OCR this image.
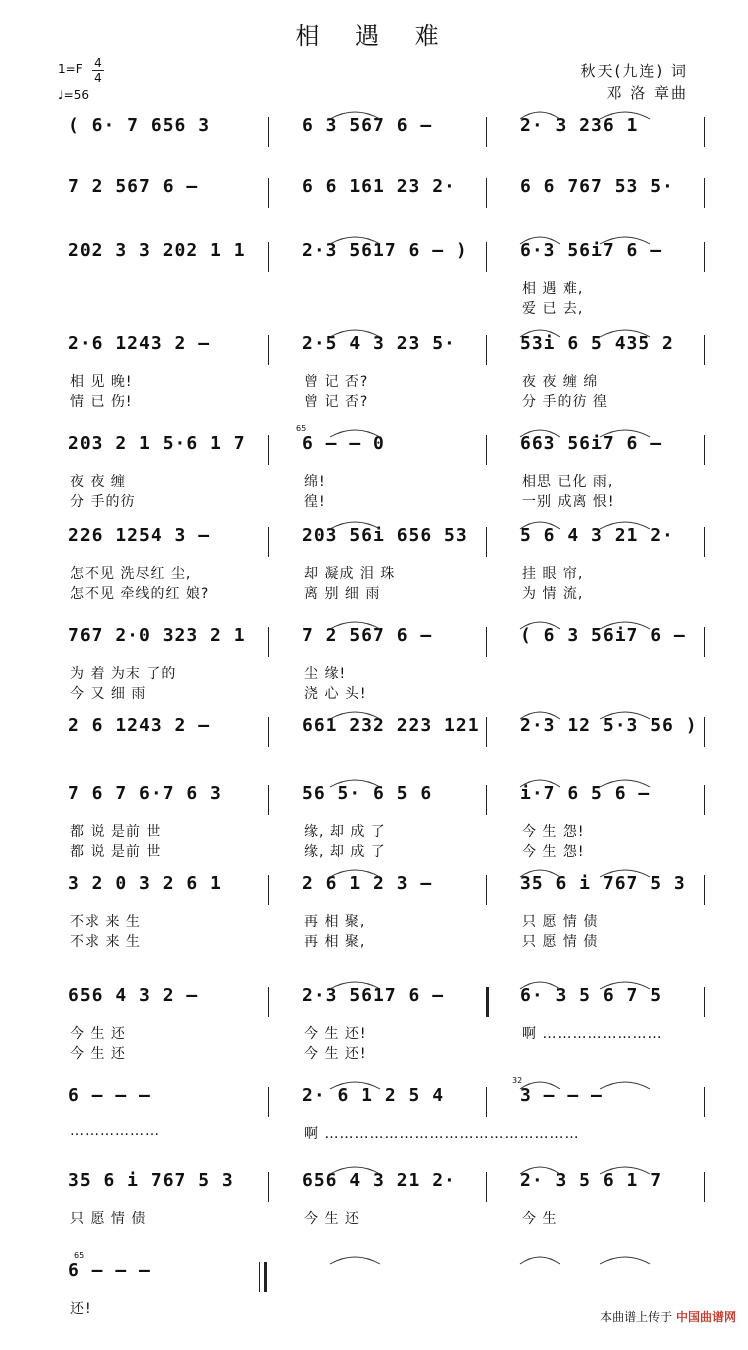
相 遇 难
1=F 4
4
♩=56
秋天(九连) 词
邓 洛 章曲
( 6· 7 656 3	6 3 567 6 –	2· 3 236 1
7 2 567 6 –	6 6 161 23 2·	6 6 767 53 5·
202 3 3 202 1 1	2·3 5617 6 – )	6·3 56i7 6 –
相 遇 难,
爱 已 去,
2·6 1243 2 –
相 见 晚!
情 已 伤!
2·5 4 3 23 5·
曾 记 否?
曾 记 否?
53i 6 5 435 2
夜 夜 缠 绵
分 手的彷 徨
203 2 1 5·6 1 7
夜 夜 缠
分 手的彷
6 – – 0
绵!
徨!
663 56i7 6 –
相思 已化 雨,
一别 成离 恨!
226 1254 3 –
怎不见 洗尽红 尘,
怎不见 牵线的红 娘?
203 56i 656 53
却 凝成 泪 珠
离 别 细 雨
5 6 4 3 21 2·
挂 眼 帘,
为 情 流,
767 2·0 323 2 1
为 着 为末 了的
今 又 细 雨
7 2 567 6 –
尘 缘!
浇 心 头!
( 6 3 56i7 6 –
2 6 1243 2 –	661 232 223 121	2·3 12 5·3 56 )
7 6 7 6·7 6 3
都 说 是前 世
都 说 是前 世
56 5· 6 5 6
缘, 却 成 了
缘, 却 成 了
i·7 6 5 6 –
今 生 怨!
今 生 怨!
3 2 0 3 2 6 1
不求 来 生
不求 来 生
2 6 1 2 3 –
再 相 聚,
再 相 聚,
35 6 i 767 5 3
只 愿 情 债
只 愿 情 债
656 4 3 2 –
今 生 还
今 生 还
2·3 5617 6 –
今 生 还!
今 生 还!
6· 3 5 6 7 5
啊 ……………………
6 – – –
………………
2· 6 1 2 5 4
啊 ……………………………………………
3 – – –
35 6 i 767 5 3
只 愿 情 债
656 4 3 21 2·
今 生 还
2· 3 5 6 1 7
今 生
6 – – –
还!
65
32
65
本曲谱上传于 中国曲谱网
